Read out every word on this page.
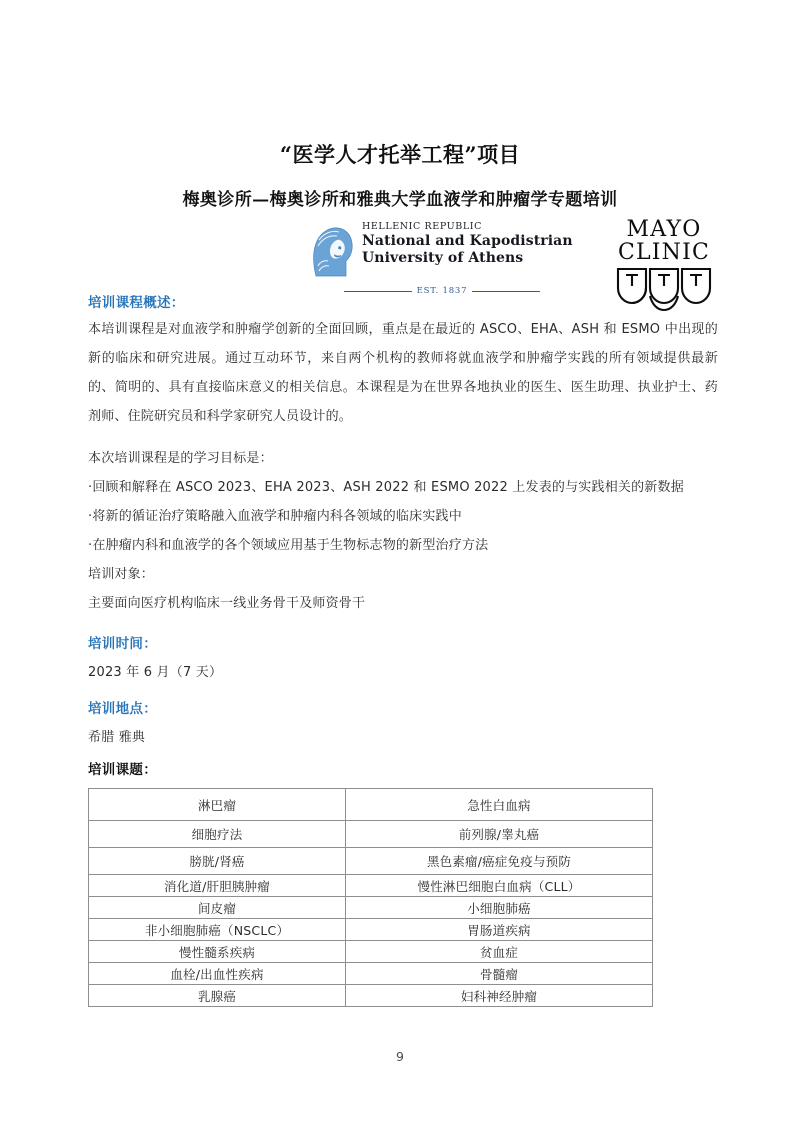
“医学人才托举工程”项目
梅奥诊所—梅奥诊所和雅典大学血液学和肿瘤学专题培训
HELLENIC REPUBLIC
National and Kapodistrian
University of Athens
EST. 1837
MAYO
CLINIC
培训课程概述：
本培训课程是对血液学和肿瘤学创新的全面回顾，重点是在最近的 ASCO、EHA、ASH 和 ESMO 中出现的新的临床和研究进展。通过互动环节，来自两个机构的教师将就血液学和肿瘤学实践的所有领域提供最新的、简明的、具有直接临床意义的相关信息。本课程是为在世界各地执业的医生、医生助理、执业护士、药剂师、住院研究员和科学家研究人员设计的。
本次培训课程是的学习目标是：
·回顾和解释在 ASCO 2023、EHA 2023、ASH 2022 和 ESMO 2022 上发表的与实践相关的新数据
·将新的循证治疗策略融入血液学和肿瘤内科各领域的临床实践中
·在肿瘤内科和血液学的各个领域应用基于生物标志物的新型治疗方法
培训对象：
主要面向医疗机构临床一线业务骨干及师资骨干
培训时间：
2023 年 6 月（7 天）
培训地点：
希腊 雅典
培训课题：
淋巴瘤	急性白血病
细胞疗法	前列腺/睾丸癌
膀胱/肾癌	黑色素瘤/癌症免疫与预防
消化道/肝胆胰肿瘤	慢性淋巴细胞白血病（CLL）
间皮瘤	小细胞肺癌
非小细胞肺癌（NSCLC）	胃肠道疾病
慢性髓系疾病	贫血症
血栓/出血性疾病	骨髓瘤
乳腺癌	妇科神经肿瘤
9
